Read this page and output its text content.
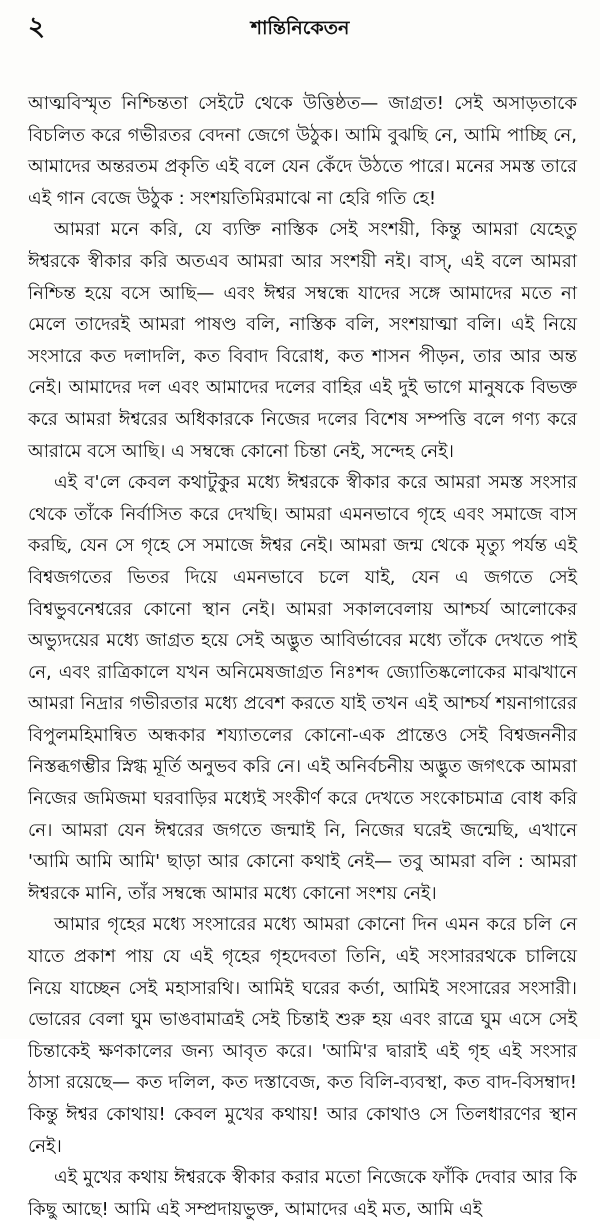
২	শান্তিনিকেতন

আত্মবিস্মৃত নিশ্চিন্ততা সেইটে থেকে উত্তিষ্ঠত— জাগ্রত! সেই অসাড়তাকে বিচলিত করে গভীরতর বেদনা জেগে উঠুক। আমি বুঝছি নে, আমি পাচ্ছি নে, আমাদের অন্তরতম প্রকৃতি এই বলে যেন কেঁদে উঠতে পারে। মনের সমস্ত তারে এই গান বেজে উঠুক : সংশয়তিমিরমাঝে না হেরি গতি হে!

আমরা মনে করি, যে ব্যক্তি নাস্তিক সেই সংশয়ী, কিন্তু আমরা যেহেতু ঈশ্বরকে স্বীকার করি অতএব আমরা আর সংশয়ী নই। বাস্, এই বলে আমরা নিশ্চিন্ত হয়ে বসে আছি— এবং ঈশ্বর সম্বন্ধে যাদের সঙ্গে আমাদের মতে না মেলে তাদেরই আমরা পাষণ্ড বলি, নাস্তিক বলি, সংশয়াত্মা বলি। এই নিয়ে সংসারে কত দলাদলি, কত বিবাদ বিরোধ, কত শাসন পীড়ন, তার আর অন্ত নেই। আমাদের দল এবং আমাদের দলের বাহির এই দুই ভাগে মানুষকে বিভক্ত করে আমরা ঈশ্বরের অধিকারকে নিজের দলের বিশেষ সম্পত্তি বলে গণ্য করে আরামে বসে আছি। এ সম্বন্ধে কোনো চিন্তা নেই, সন্দেহ নেই।

এই ব'লে কেবল কথাটুকুর মধ্যে ঈশ্বরকে স্বীকার করে আমরা সমস্ত সংসার থেকে তাঁকে নির্বাসিত করে দেখছি। আমরা এমনভাবে গৃহে এবং সমাজে বাস করছি, যেন সে গৃহে সে সমাজে ঈশ্বর নেই। আমরা জন্ম থেকে মৃত্যু পর্যন্ত এই বিশ্বজগতের ভিতর দিয়ে এমনভাবে চলে যাই, যেন এ জগতে সেই বিশ্বভুবনেশ্বরের কোনো স্থান নেই। আমরা সকালবেলায় আশ্চর্য আলোকের অভ্যুদয়ের মধ্যে জাগ্রত হয়ে সেই অদ্ভুত আবির্ভাবের মধ্যে তাঁকে দেখতে পাই নে, এবং রাত্রিকালে যখন অনিমেষজাগ্রত নিঃশব্দ জ্যোতিষ্কলোকের মাঝখানে আমরা নিদ্রার গভীরতার মধ্যে প্রবেশ করতে যাই তখন এই আশ্চর্য শয়নাগারের বিপুলমহিমান্বিত অন্ধকার শয্যাতলের কোনো-এক প্রান্তেও সেই বিশ্বজননীর নিস্তব্ধগম্ভীর স্নিগ্ধ মূর্তি অনুভব করি নে। এই অনির্বচনীয় অদ্ভুত জগৎকে আমরা নিজের জমিজমা ঘরবাড়ির মধ্যেই সংকীর্ণ করে দেখতে সংকোচমাত্র বোধ করি নে। আমরা যেন ঈশ্বরের জগতে জন্মাই নি, নিজের ঘরেই জন্মেছি, এখানে 'আমি আমি আমি' ছাড়া আর কোনো কথাই নেই— তবু আমরা বলি : আমরা ঈশ্বরকে মানি, তাঁর সম্বন্ধে আমার মধ্যে কোনো সংশয় নেই।

আমার গৃহের মধ্যে সংসারের মধ্যে আমরা কোনো দিন এমন করে চলি নে যাতে প্রকাশ পায় যে এই গৃহের গৃহদেবতা তিনি, এই সংসাররথকে চালিয়ে নিয়ে যাচ্ছেন সেই মহাসারথি। আমিই ঘরের কর্তা, আমিই সংসারের সংসারী। ভোরের বেলা ঘুম ভাঙবামাত্রই সেই চিন্তাই শুরু হয় এবং রাত্রে ঘুম এসে সেই চিন্তাকেই ক্ষণকালের জন্য আবৃত করে। 'আমি'র দ্বারাই এই গৃহ এই সংসার ঠাসা রয়েছে— কত দলিল, কত দস্তাবেজ, কত বিলি-ব্যবস্থা, কত বাদ-বিসম্বাদ! কিন্তু ঈশ্বর কোথায়! কেবল মুখের কথায়! আর কোথাও সে তিলধারণের স্থান নেই।

এই মুখের কথায় ঈশ্বরকে স্বীকার করার মতো নিজেকে ফাঁকি দেবার আর কি কিছু আছে! আমি এই সম্প্রদায়ভুক্ত, আমাদের এই মত, আমি এই
